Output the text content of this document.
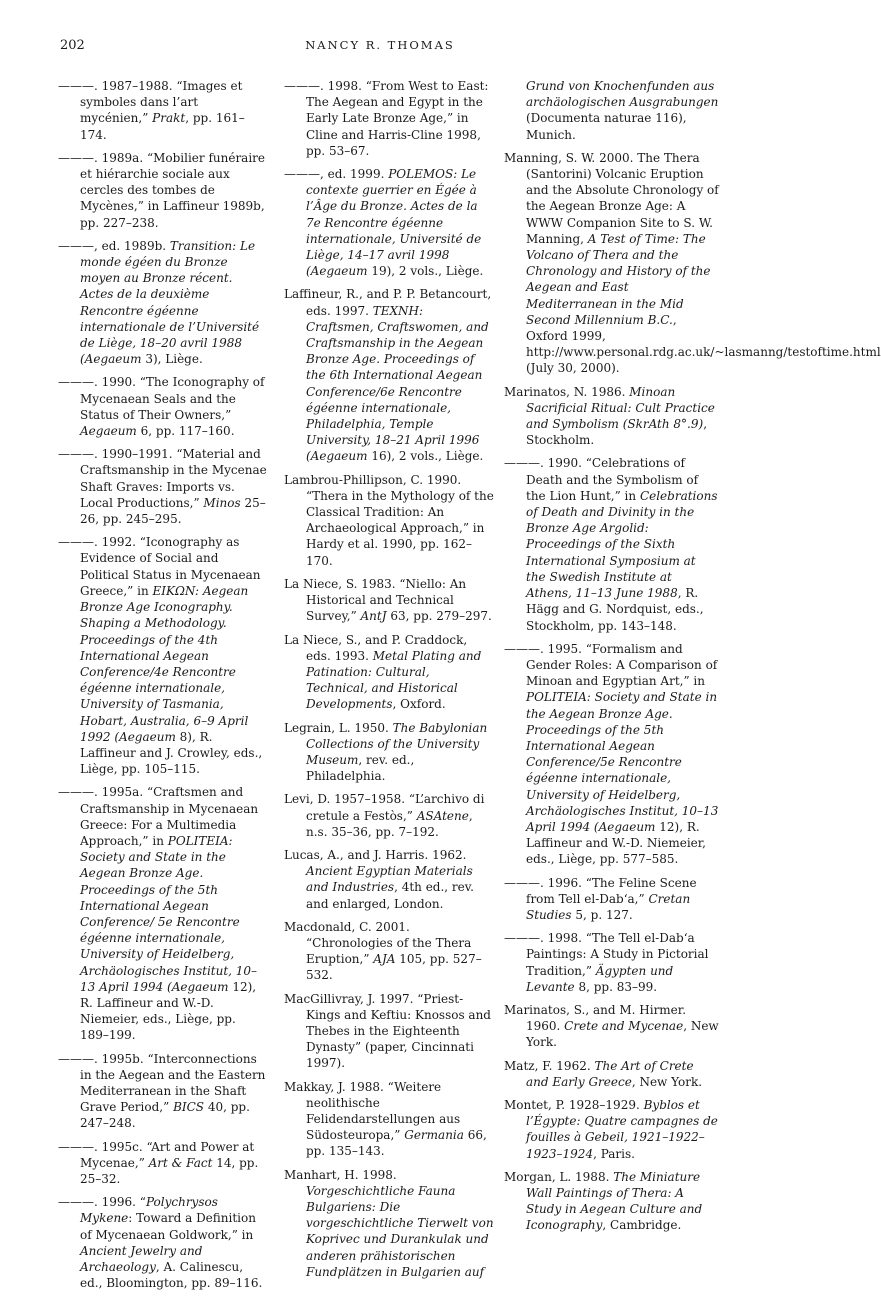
202	NANCY R. THOMAS

———. 1987–1988. “Images et symboles dans l’art mycénien,” Prakt, pp. 161–174.

———. 1989a. “Mobilier funéraire et hiérarchie sociale aux cercles des tombes de Mycènes,” in Laffineur 1989b, pp. 227–238.

———, ed. 1989b. Transition: Le monde égéen du Bronze moyen au Bronze récent. Actes de la deuxième Rencontre égéenne internationale de l’Université de Liège, 18–20 avril 1988 (Aegaeum 3), Liège.

———. 1990. “The Iconography of Mycenaean Seals and the Status of Their Owners,” Aegaeum 6, pp. 117–160.

———. 1990–1991. “Material and Craftsmanship in the Mycenae Shaft Graves: Imports vs. Local Productions,” Minos 25–26, pp. 245–295.

———. 1992. “Iconography as Evidence of Social and Political Status in Mycenaean Greece,” in EIKΩN: Aegean Bronze Age Iconography. Shaping a Methodology. Proceedings of the 4th International Aegean Conference/4e Rencontre égéenne internationale, University of Tasmania, Hobart, Australia, 6–9 April 1992 (Aegaeum 8), R. Laffineur and J. Crowley, eds., Liège, pp. 105–115.

———. 1995a. “Craftsmen and Craftsmanship in Mycenaean Greece: For a Multimedia Approach,” in POLITEIA: Society and State in the Aegean Bronze Age. Proceedings of the 5th International Aegean Conference/ 5e Rencontre égéenne internationale, University of Heidelberg, Archäologisches Institut, 10–13 April 1994 (Aegaeum 12), R. Laffineur and W.-D. Niemeier, eds., Liège, pp. 189–199.

———. 1995b. “Interconnections in the Aegean and the Eastern Mediterranean in the Shaft Grave Period,” BICS 40, pp. 247–248.

———. 1995c. “Art and Power at Mycenae,” Art & Fact 14, pp. 25–32.

———. 1996. “Polychrysos Mykene: Toward a Definition of Mycenaean Goldwork,” in Ancient Jewelry and Archaeology, A. Calinescu, ed., Bloomington, pp. 89–116.

———. 1998. “From West to East: The Aegean and Egypt in the Early Late Bronze Age,” in Cline and Harris-Cline 1998, pp. 53–67.

———, ed. 1999. POLEMOS: Le contexte guerrier en Égée à l’Âge du Bronze. Actes de la 7e Rencontre égéenne internationale, Université de Liège, 14–17 avril 1998 (Aegaeum 19), 2 vols., Liège.

Laffineur, R., and P. P. Betancourt, eds. 1997. TEXNH: Craftsmen, Craftswomen, and Craftsmanship in the Aegean Bronze Age. Proceedings of the 6th International Aegean Conference/6e Rencontre égéenne internationale, Philadelphia, Temple University, 18–21 April 1996 (Aegaeum 16), 2 vols., Liège.

Lambrou-Phillipson, C. 1990. “Thera in the Mythology of the Classical Tradition: An Archaeological Approach,” in Hardy et al. 1990, pp. 162–170.

La Niece, S. 1983. “Niello: An Historical and Technical Survey,” AntJ 63, pp. 279–297.

La Niece, S., and P. Craddock, eds. 1993. Metal Plating and Patination: Cultural, Technical, and Historical Developments, Oxford.

Legrain, L. 1950. The Babylonian Collections of the University Museum, rev. ed., Philadelphia.

Levi, D. 1957–1958. “L’archivo di cretule a Festòs,” ASAtene, n.s. 35–36, pp. 7–192.

Lucas, A., and J. Harris. 1962. Ancient Egyptian Materials and Industries, 4th ed., rev. and enlarged, London.

Macdonald, C. 2001. “Chronologies of the Thera Eruption,” AJA 105, pp. 527–532.

MacGillivray, J. 1997. “Priest-Kings and Keftiu: Knossos and Thebes in the Eighteenth Dynasty” (paper, Cincinnati 1997).

Makkay, J. 1988. “Weitere neolithische Felidendarstellungen aus Südosteuropa,” Germania 66, pp. 135–143.

Manhart, H. 1998. Vorgeschichtliche Fauna Bulgariens: Die vorgeschichtliche Tierwelt von Koprivec und Durankulak und anderen prähistorischen Fundplätzen in Bulgarien auf

Grund von Knochenfunden aus archäologischen Ausgrabungen (Documenta naturae 116), Munich.

Manning, S. W. 2000. The Thera (Santorini) Volcanic Eruption and the Absolute Chronology of the Aegean Bronze Age: A WWW Companion Site to S. W. Manning, A Test of Time: The Volcano of Thera and the Chronology and History of the Aegean and East Mediterranean in the Mid Second Millennium B.C., Oxford 1999, http://www.personal.rdg.ac.uk/~lasmanng/testoftime.html (July 30, 2000).

Marinatos, N. 1986. Minoan Sacrificial Ritual: Cult Practice and Symbolism (SkrAth 8°.9), Stockholm.

———. 1990. “Celebrations of Death and the Symbolism of the Lion Hunt,” in Celebrations of Death and Divinity in the Bronze Age Argolid: Proceedings of the Sixth International Symposium at the Swedish Institute at Athens, 11–13 June 1988, R. Hägg and G. Nordquist, eds., Stockholm, pp. 143–148.

———. 1995. “Formalism and Gender Roles: A Comparison of Minoan and Egyptian Art,” in POLITEIA: Society and State in the Aegean Bronze Age. Proceedings of the 5th International Aegean Conference/5e Rencontre égéenne internationale, University of Heidelberg, Archäologisches Institut, 10–13 April 1994 (Aegaeum 12), R. Laffineur and W.-D. Niemeier, eds., Liège, pp. 577–585.

———. 1996. “The Feline Scene from Tell el-Dab‘a,” Cretan Studies 5, p. 127.

———. 1998. “The Tell el-Dab‘a Paintings: A Study in Pictorial Tradition,” Ägypten und Levante 8, pp. 83–99.

Marinatos, S., and M. Hirmer. 1960. Crete and Mycenae, New York.

Matz, F. 1962. The Art of Crete and Early Greece, New York.

Montet, P. 1928–1929. Byblos et l’Égypte: Quatre campagnes de fouilles à Gebeil, 1921–1922–1923–1924, Paris.

Morgan, L. 1988. The Miniature Wall Paintings of Thera: A Study in Aegean Culture and Iconography, Cambridge.
